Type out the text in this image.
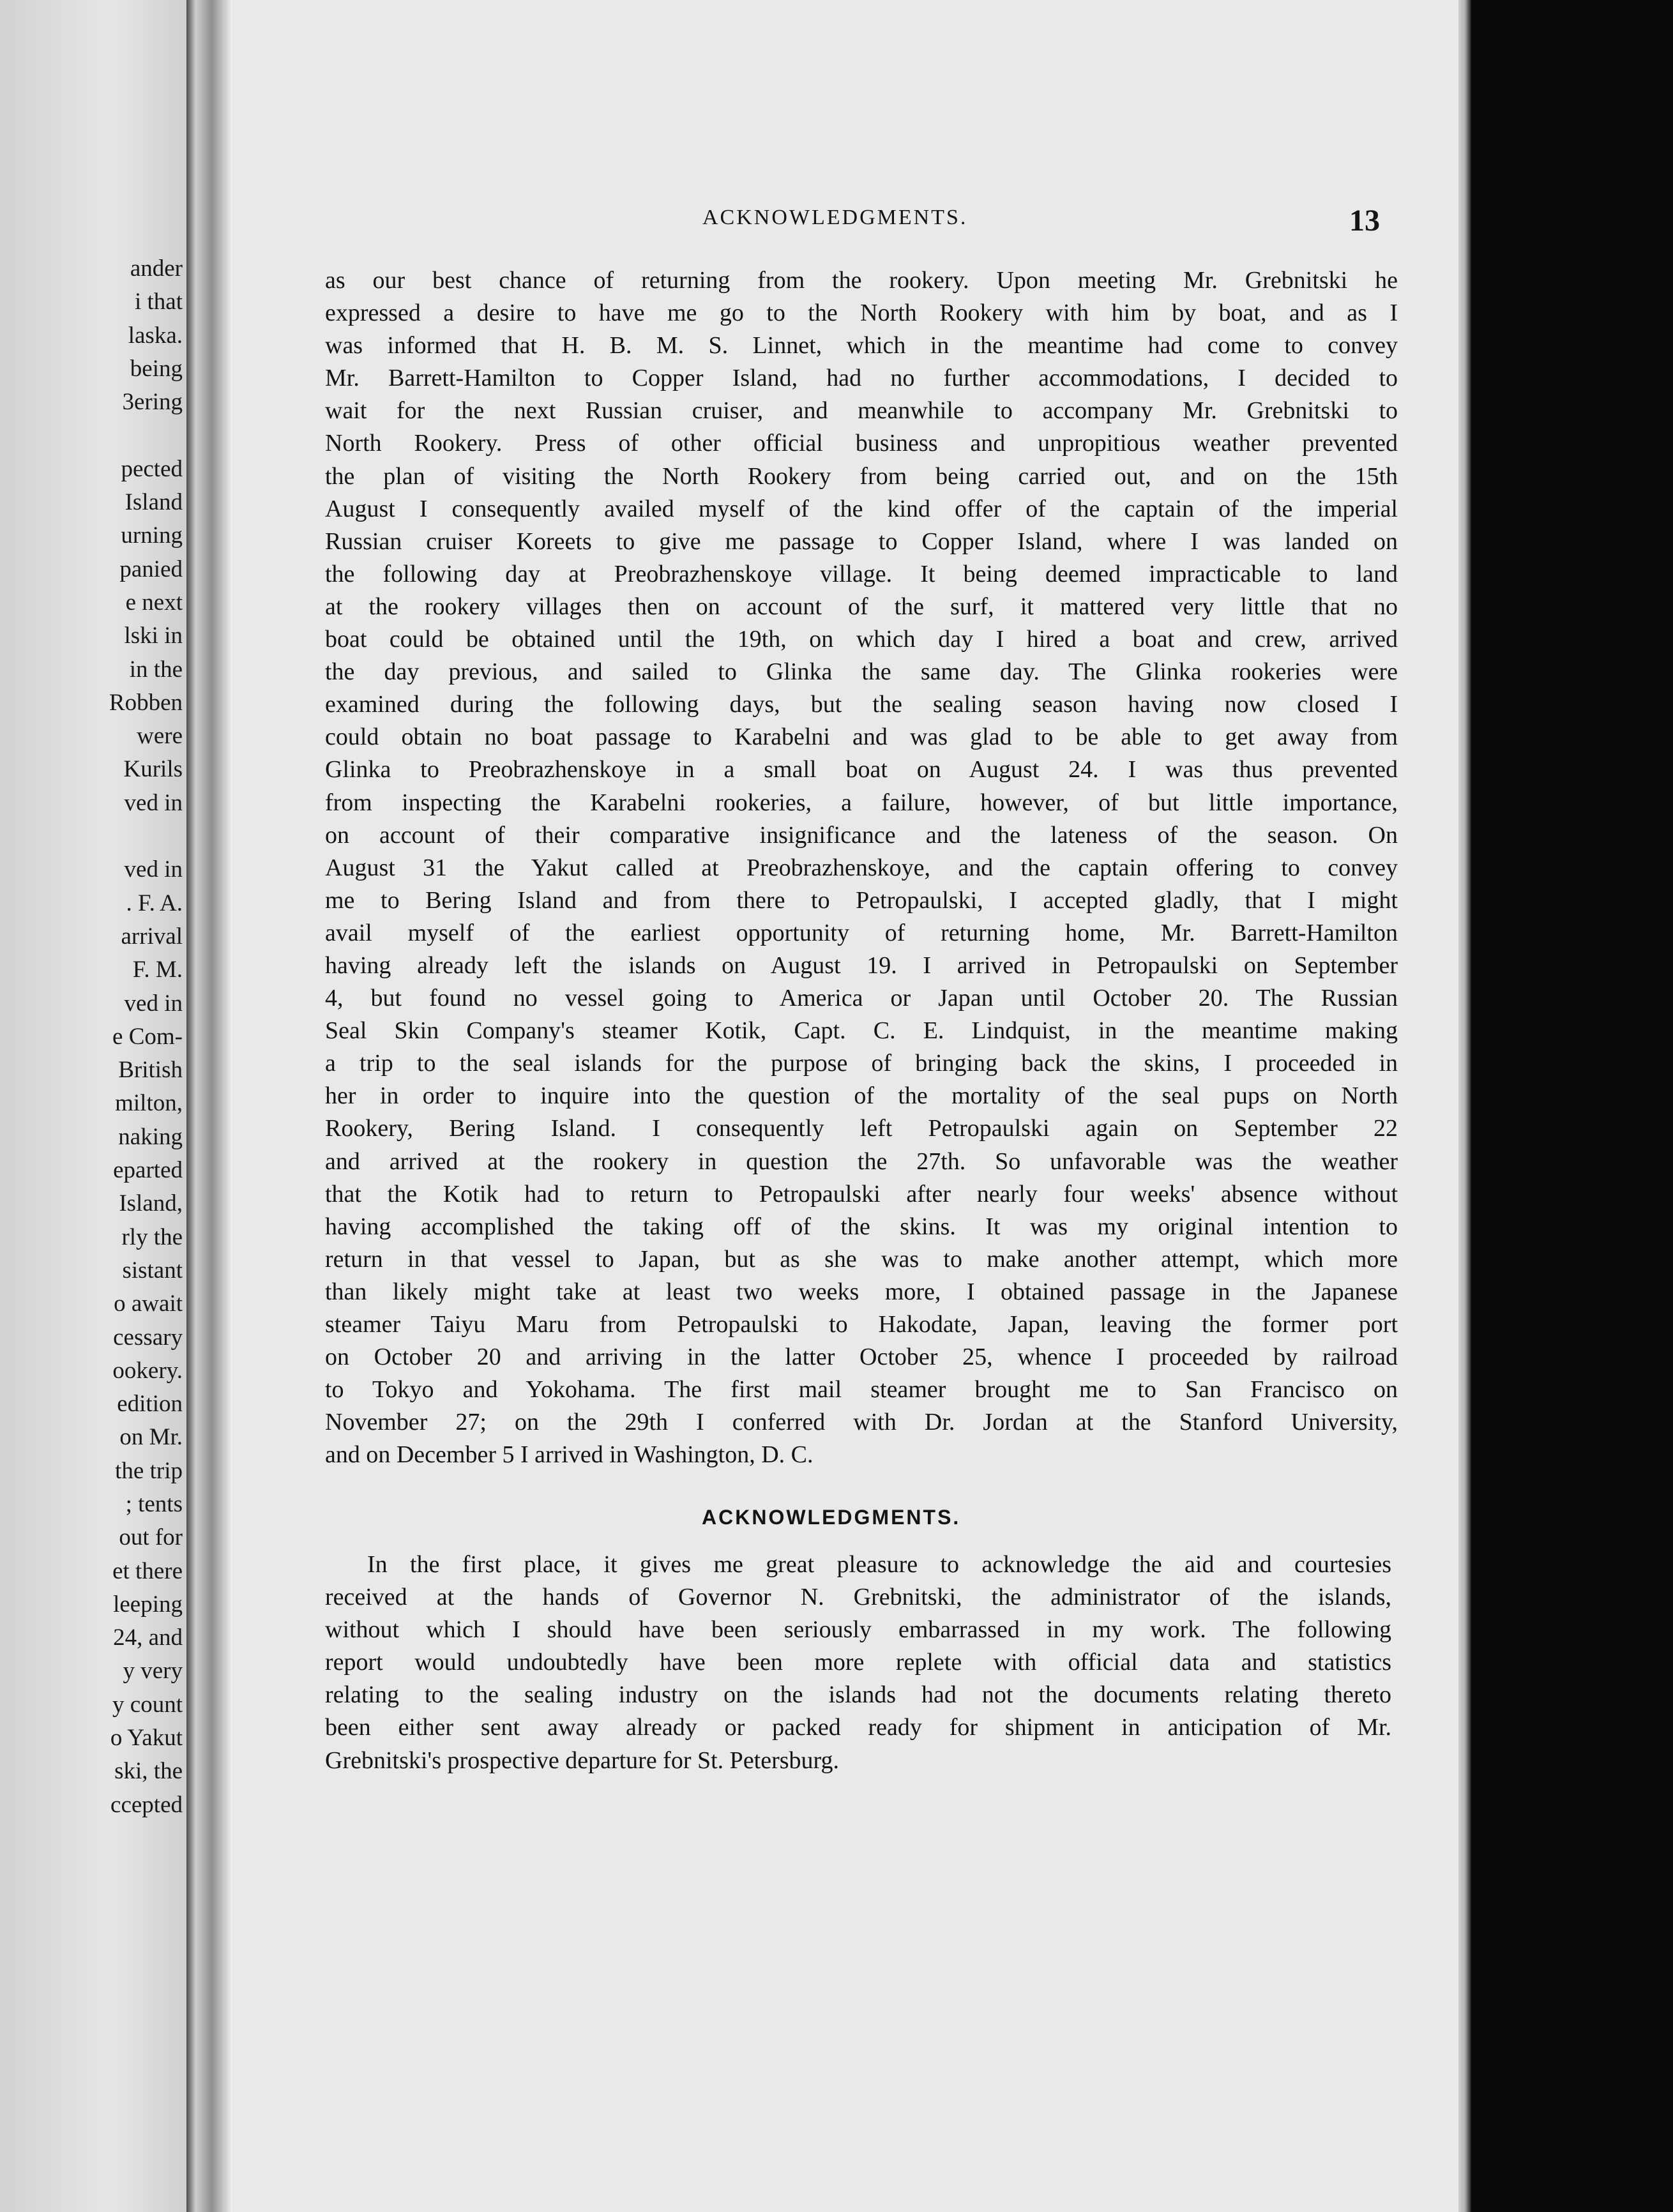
ander
i that
laska.
being
3ering

pected
Island
urning
panied
e next
lski in
in the
Robben
were
Kurils
ved in

ved in
. F. A.
arrival
F. M.
ved in
e Com-
British
milton,
naking
eparted
Island,
rly the
sistant
o await
cessary
ookery.
edition
on Mr.
the trip
; tents
out for
et there
leeping
24, and
y very
y count
o Yakut
ski, the
ccepted
ACKNOWLEDGMENTS.	13
as our best chance of returning from the rookery. Upon meeting Mr. Grebnitski he
expressed a desire to have me go to the North Rookery with him by boat, and as I
was informed that H. B. M. S. Linnet, which in the meantime had come to convey
Mr. Barrett-Hamilton to Copper Island, had no further accommodations, I decided to
wait for the next Russian cruiser, and meanwhile to accompany Mr. Grebnitski to
North Rookery. Press of other official business and unpropitious weather prevented
the plan of visiting the North Rookery from being carried out, and on the 15th
August I consequently availed myself of the kind offer of the captain of the imperial
Russian cruiser Koreets to give me passage to Copper Island, where I was landed on
the following day at Preobrazhenskoye village. It being deemed impracticable to land
at the rookery villages then on account of the surf, it mattered very little that no
boat could be obtained until the 19th, on which day I hired a boat and crew, arrived
the day previous, and sailed to Glinka the same day. The Glinka rookeries were
examined during the following days, but the sealing season having now closed I
could obtain no boat passage to Karabelni and was glad to be able to get away from
Glinka to Preobrazhenskoye in a small boat on August 24. I was thus prevented
from inspecting the Karabelni rookeries, a failure, however, of but little importance,
on account of their comparative insignificance and the lateness of the season. On
August 31 the Yakut called at Preobrazhenskoye, and the captain offering to convey
me to Bering Island and from there to Petropaulski, I accepted gladly, that I might
avail myself of the earliest opportunity of returning home, Mr. Barrett-Hamilton
having already left the islands on August 19. I arrived in Petropaulski on September
4, but found no vessel going to America or Japan until October 20. The Russian
Seal Skin Company's steamer Kotik, Capt. C. E. Lindquist, in the meantime making
a trip to the seal islands for the purpose of bringing back the skins, I proceeded in
her in order to inquire into the question of the mortality of the seal pups on North
Rookery, Bering Island. I consequently left Petropaulski again on September 22
and arrived at the rookery in question the 27th. So unfavorable was the weather
that the Kotik had to return to Petropaulski after nearly four weeks' absence without
having accomplished the taking off of the skins. It was my original intention to
return in that vessel to Japan, but as she was to make another attempt, which more
than likely might take at least two weeks more, I obtained passage in the Japanese
steamer Taiyu Maru from Petropaulski to Hakodate, Japan, leaving the former port
on October 20 and arriving in the latter October 25, whence I proceeded by railroad
to Tokyo and Yokohama. The first mail steamer brought me to San Francisco on
November 27; on the 29th I conferred with Dr. Jordan at the Stanford University,
and on December 5 I arrived in Washington, D. C.
ACKNOWLEDGMENTS.
In the first place, it gives me great pleasure to acknowledge the aid and courtesies
received at the hands of Governor N. Grebnitski, the administrator of the islands,
without which I should have been seriously embarrassed in my work. The following
report would undoubtedly have been more replete with official data and statistics
relating to the sealing industry on the islands had not the documents relating thereto
been either sent away already or packed ready for shipment in anticipation of Mr.
Grebnitski's prospective departure for St. Petersburg.
